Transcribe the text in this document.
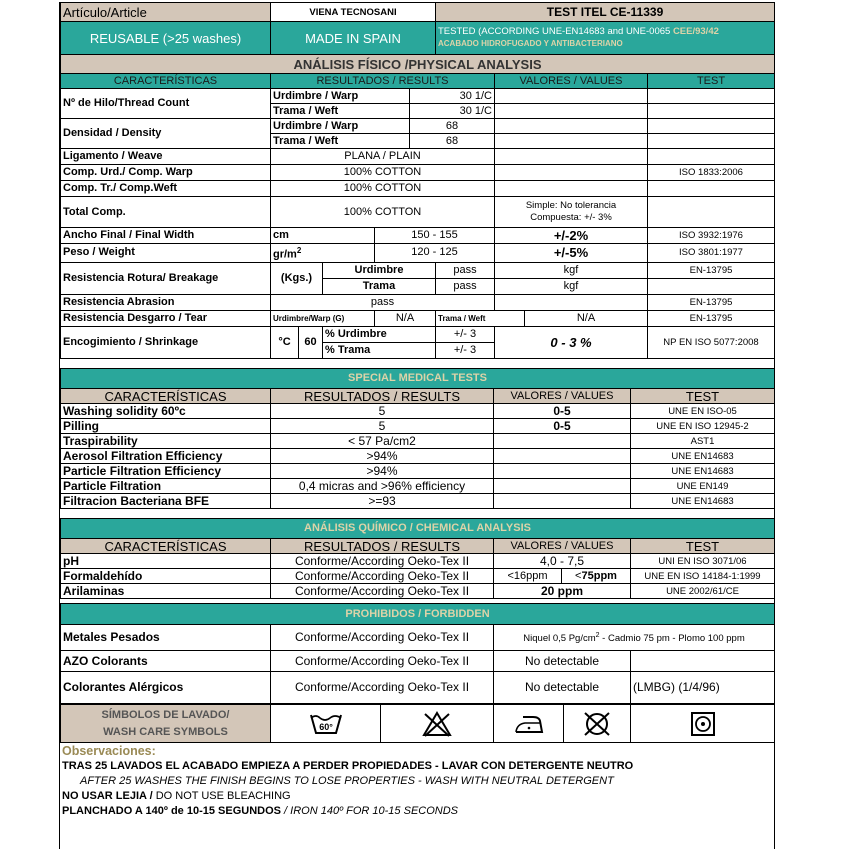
Artículo/Article	VIENA TECNOSANI	TEST ITEL CE-11339
REUSABLE (>25 washes)	MADE IN SPAIN	TESTED (ACCORDING UNE-EN14683 and UNE-0065 CEE/93/42
ACABADO HIDROFUGADO Y ANTIBACTERIANO
ANÁLISIS FÍSICO /PHYSICAL ANALYSIS									
CARACTERÍSTICAS	RESULTADOS / RESULTS						VALORES / VALUES		TEST
Nº de Hilo/Thread Count	Urdimbre / Warp				30 1/C				
	Trama / Weft				30 1/C				
Densidad / Density	Urdimbre / Warp				68				
	Trama / Weft				68				
Ligamento / Weave	PLANA / PLAIN								
Comp. Urd./ Comp. Warp	100% COTTON								ISO 1833:2006
Comp. Tr./ Comp.Weft	100% COTTON								
Total Comp.	100% COTTON						Simple: No tolerancia
Compuesta: +/- 3%		

Ancho Final / Final Width	cm			150 - 155			+/-2%		ISO 3932:1976
Peso / Weight	$gr/m^2$			120 - 125			+/-5%		ISO 3801:1977
Resistencia Rotura/ Breakage	(Kgs.)		Urdimbre			pass	kgf		EN-13795
			Trama			pass	kgf		
Resistencia Abrasion	pass								EN-13795
Resistencia Desgarro / Tear	Urdimbre/Warp (G)			N/A		Trama / Weft		N/A	EN-13795
Encogimiento / Shrinkage	°C	60	% Urdimbre			+/- 3	0 - 3 %		NP EN ISO 5077:2008
			% Trama			+/- 3			
SPECIAL MEDICAL TESTS			
CARACTERÍSTICAS	RESULTADOS / RESULTS	VALORES / VALUES	TEST
Washing solidity 60ºc	5	0-5	UNE EN ISO-05
Pilling	5	0-5	UNE EN ISO 12945-2
Traspirability	< 57 Pa/cm2		AST1
Aerosol Filtration Efficiency	>94%		UNE EN14683
Particle Filtration Efficiency	>94%		UNE EN14683
Particle Filtration	0,4 micras and >96% efficiency		UNE EN149
Filtracion Bacteriana BFE	>=93		UNE EN14683
ANÁLISIS QUÍMICO / CHEMICAL ANALYSIS				
CARACTERÍSTICAS	RESULTADOS / RESULTS	VALORES / VALUES		TEST
pH	Conforme/According Oeko-Tex II	4,0 - 7,5		UNI EN ISO 3071/06
Formaldehído	Conforme/According Oeko-Tex II	<16ppm	<75ppm	UNE EN ISO 14184-1:1999
Arilaminas	Conforme/According Oeko-Tex II	20 ppm		UNE 2002/61/CE
PROHIBIDOS / FORBIDDEN			
Metales Pesados	Conforme/According Oeko-Tex II	Niquel 0,5 $Pg/cm^2$ - Cadmio 75 pm - Plomo 100 ppm	
AZO Colorants	Conforme/According Oeko-Tex II	No detectable	
Colorantes Alérgicos	Conforme/According Oeko-Tex II	No detectable	(LMBG) (1/4/96)
SÍMBOLOS DE LAVADO/
WASH CARE SYMBOLS	60°

Observaciones:
TRAS 25 LAVADOS EL ACABADO EMPIEZA A PERDER PROPIEDADES - LAVAR CON DETERGENTE NEUTRO
AFTER 25 WASHES THE FINISH BEGINS TO LOSE PROPERTIES - WASH WITH NEUTRAL DETERGENT
NO USAR LEJIA / DO NOT USE BLEACHING
PLANCHADO A 140º de 10-15 SEGUNDOS / IRON 140º FOR 10-15 SECONDS
